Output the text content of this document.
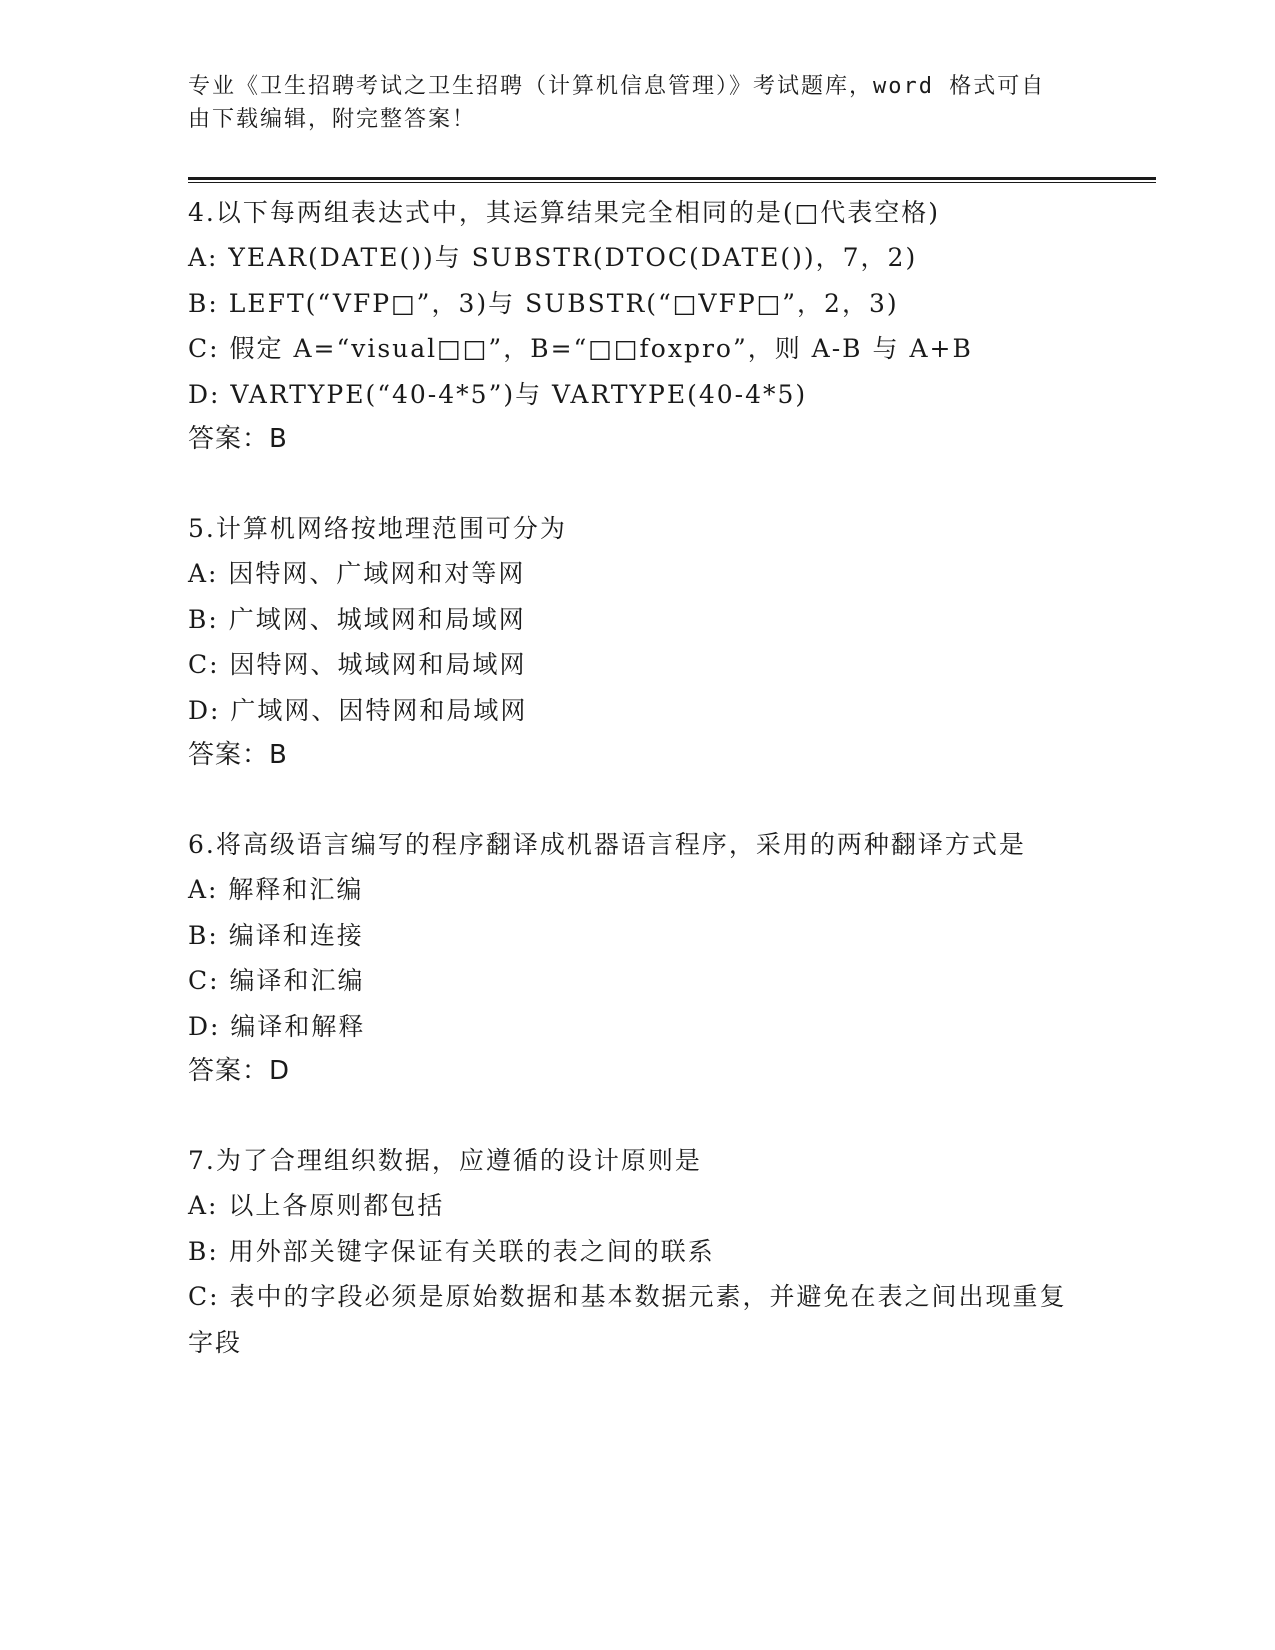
专业《卫生招聘考试之卫生招聘（计算机信息管理）》考试题库，word 格式可自由下载编辑，附完整答案！

4.以下每两组表达式中，其运算结果完全相同的是(□代表空格)

A: YEAR(DATE())与 SUBSTR(DTOC(DATE())，7，2)

B: LEFT(“VFP□”，3)与 SUBSTR(“□VFP□”，2，3)

C: 假定 A=“visual□□”，B=“□□foxpro”，则 A-B 与 A+B

D: VARTYPE(“40-4*5”)与 VARTYPE(40-4*5)

答案：B

5.计算机网络按地理范围可分为

A: 因特网、广域网和对等网

B: 广域网、城域网和局域网

C: 因特网、城域网和局域网

D: 广域网、因特网和局域网

答案：B

6.将高级语言编写的程序翻译成机器语言程序，采用的两种翻译方式是

A: 解释和汇编

B: 编译和连接

C: 编译和汇编

D: 编译和解释

答案：D

7.为了合理组织数据，应遵循的设计原则是

A: 以上各原则都包括

B: 用外部关键字保证有关联的表之间的联系

C: 表中的字段必须是原始数据和基本数据元素，并避免在表之间出现重复字段
